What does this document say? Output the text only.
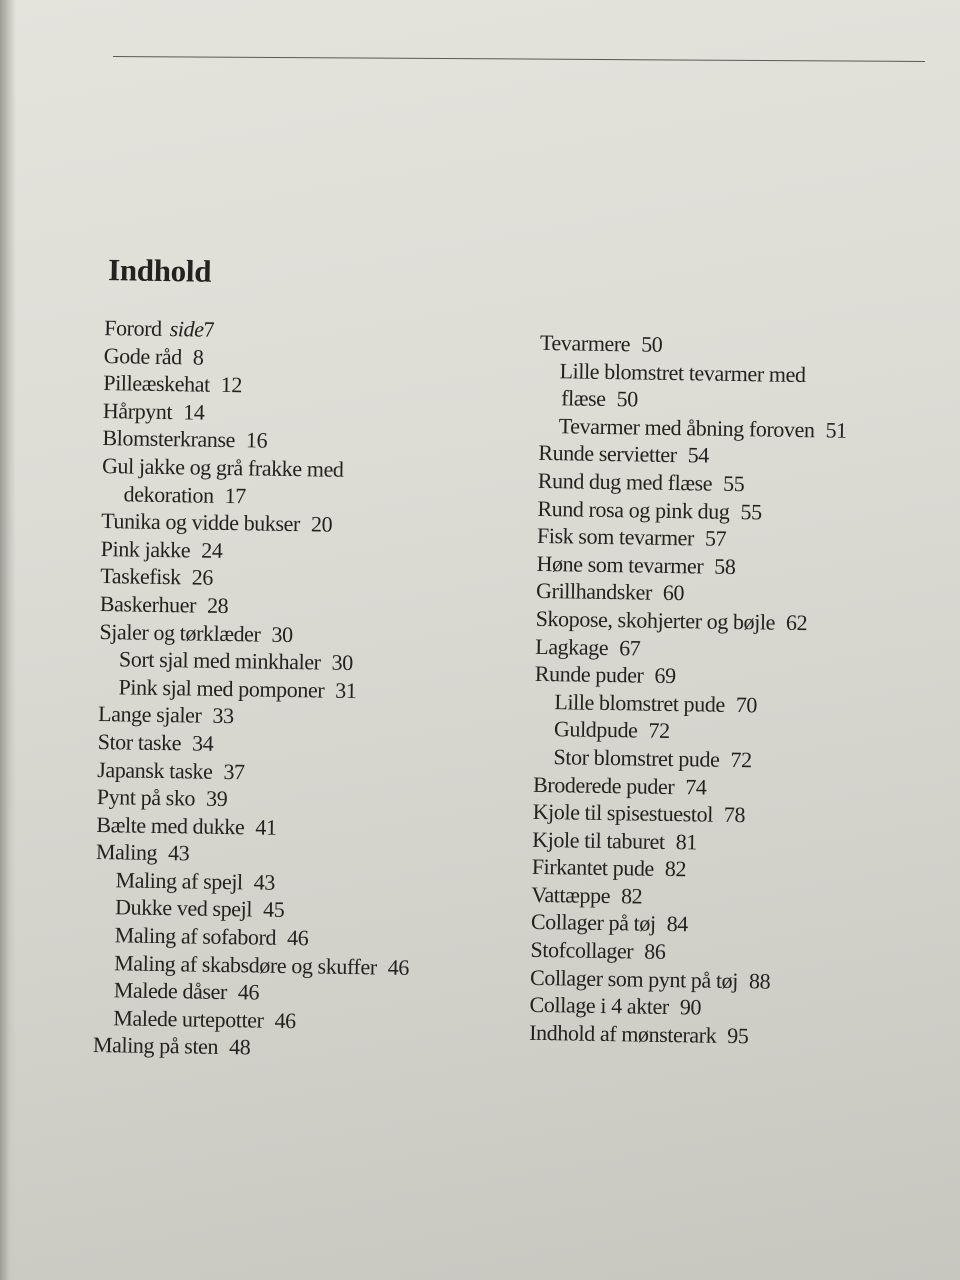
Indhold
Forord side7
Gode råd 8
Pilleæskehat 12
Hårpynt 14
Blomsterkranse 16
Gul jakke og grå frakke med
dekoration 17
Tunika og vidde bukser 20
Pink jakke 24
Taskefisk 26
Baskerhuer 28
Sjaler og tørklæder 30
Sort sjal med minkhaler 30
Pink sjal med pomponer 31
Lange sjaler 33
Stor taske 34
Japansk taske 37
Pynt på sko 39
Bælte med dukke 41
Maling 43
Maling af spejl 43
Dukke ved spejl 45
Maling af sofabord 46
Maling af skabsdøre og skuffer 46
Malede dåser 46
Malede urtepotter 46
Maling på sten 48
Tevarmere 50
Lille blomstret tevarmer med
flæse 50
Tevarmer med åbning foroven 51
Runde servietter 54
Rund dug med flæse 55
Rund rosa og pink dug 55
Fisk som tevarmer 57
Høne som tevarmer 58
Grillhandsker 60
Skopose, skohjerter og bøjle 62
Lagkage 67
Runde puder 69
Lille blomstret pude 70
Guldpude 72
Stor blomstret pude 72
Broderede puder 74
Kjole til spisestuestol 78
Kjole til taburet 81
Firkantet pude 82
Vattæppe 82
Collager på tøj 84
Stofcollager 86
Collager som pynt på tøj 88
Collage i 4 akter 90
Indhold af mønsterark 95
